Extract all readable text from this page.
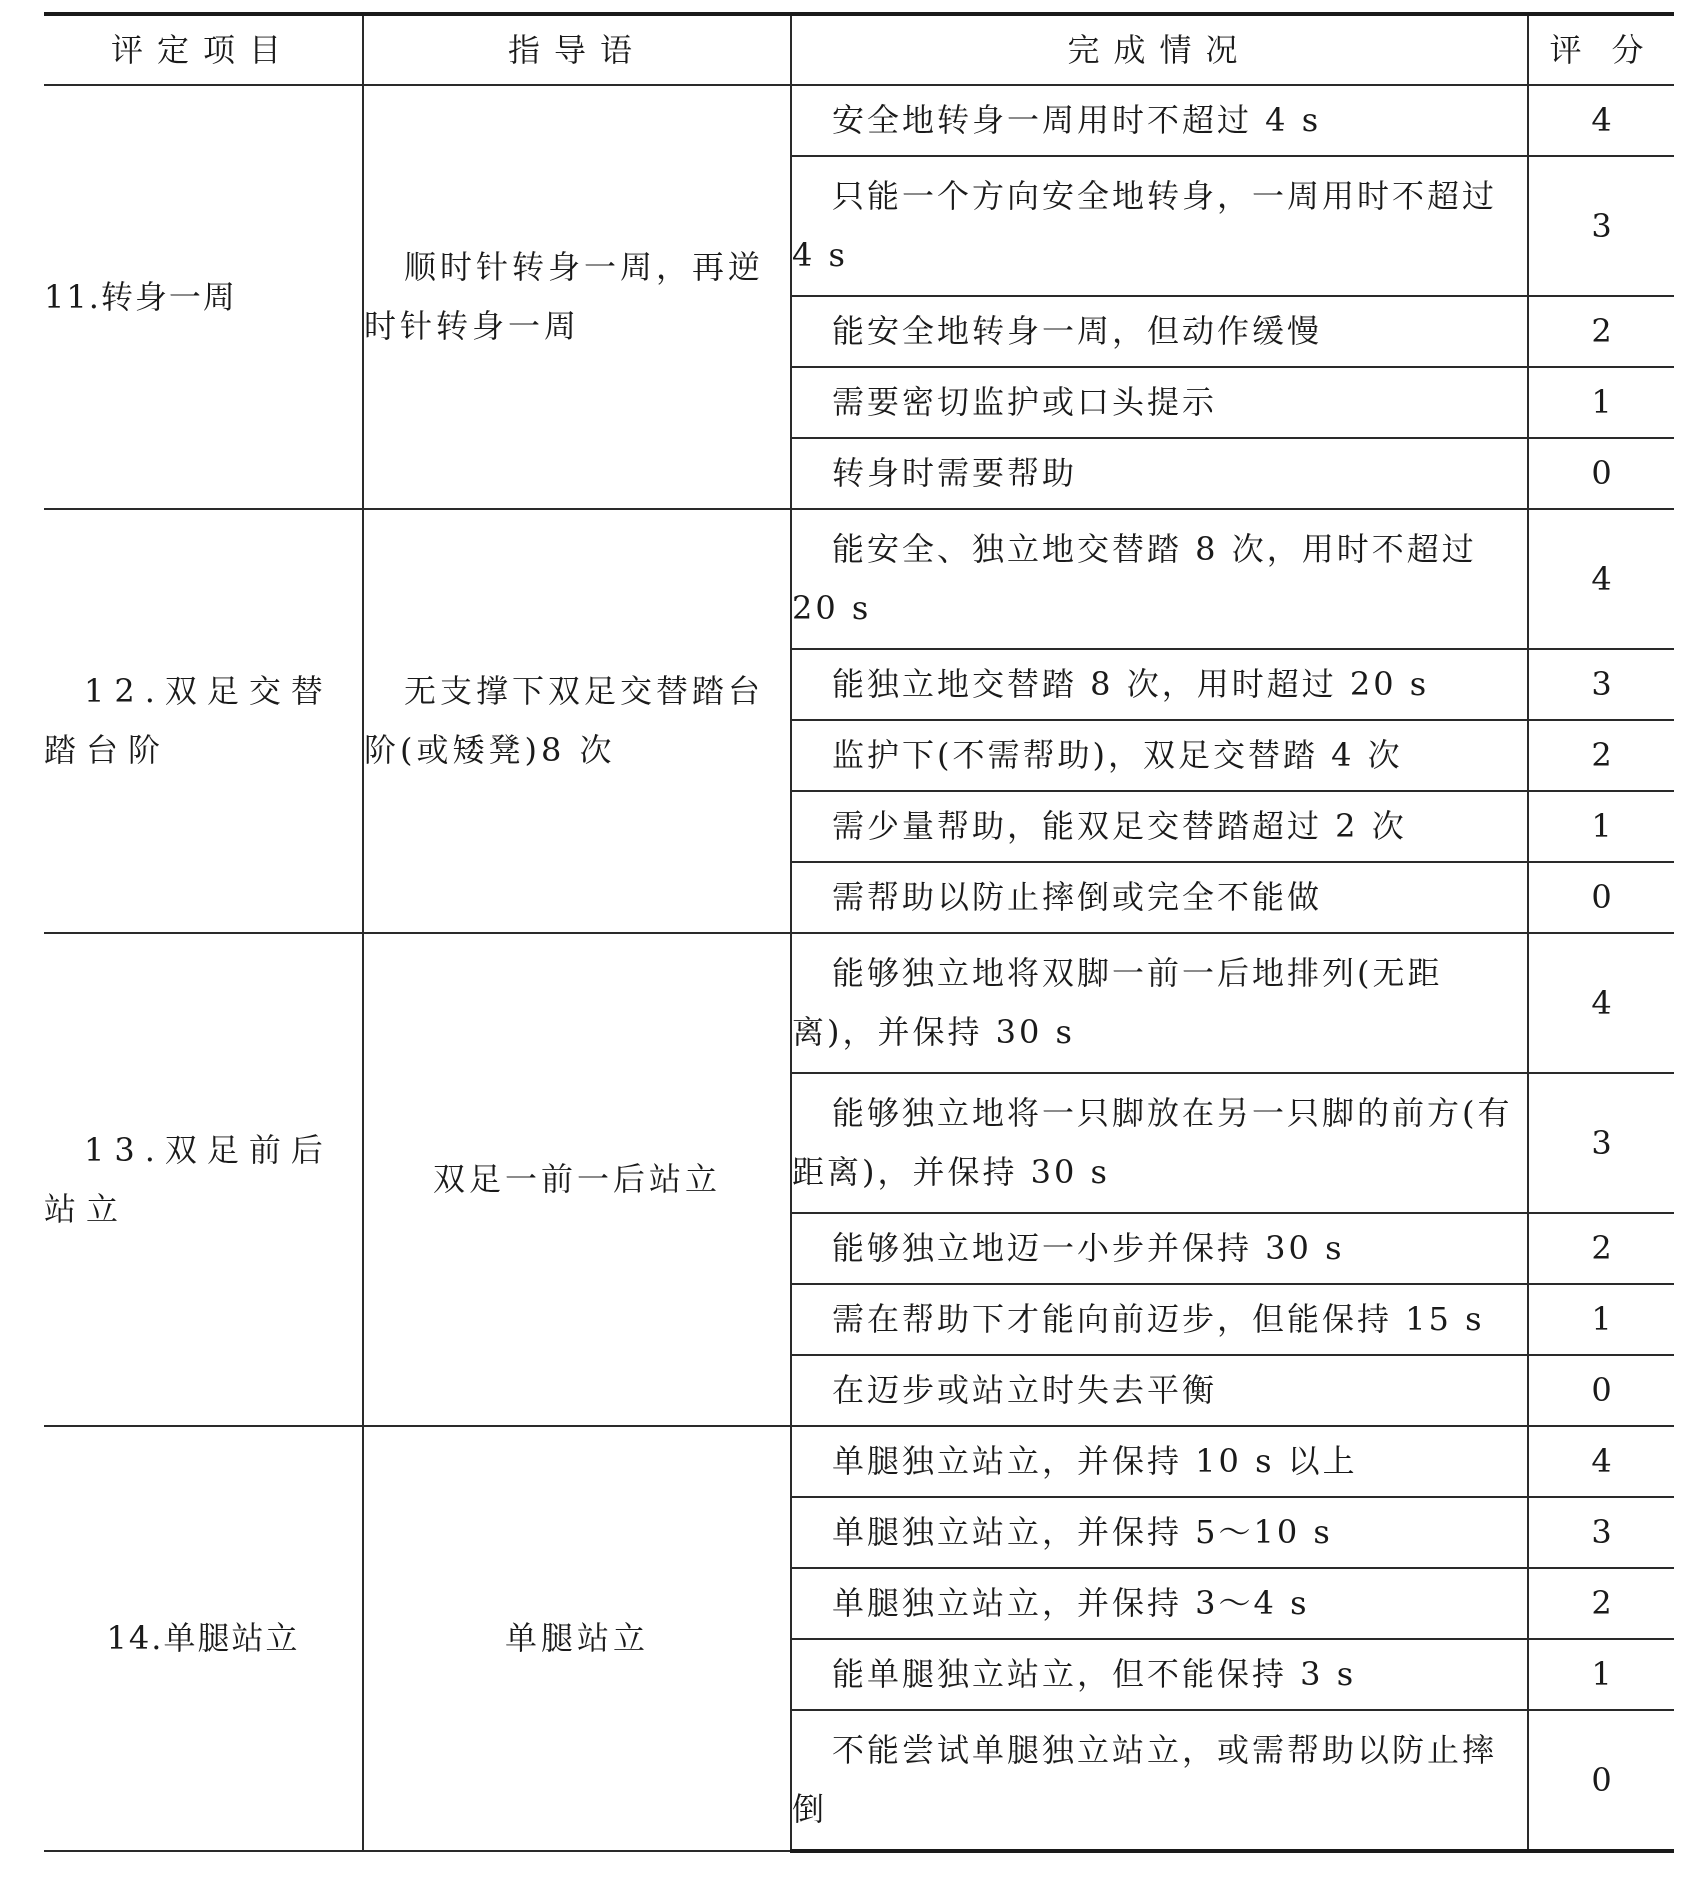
评定项目	指导语	完成情况	评分

11.转身一周	顺时针转身一周，再逆时针转身一周	安全地转身一周用时不超过 4 s	4

		只能一个方向安全地转身，一周用时不超过 4 s	3

		能安全地转身一周，但动作缓慢	2

		需要密切监护或口头提示	1

		转身时需要帮助	0

12.双足交替踏台阶	无支撑下双足交替踏台阶(或矮凳)8 次	能安全、独立地交替踏 8 次，用时不超过 20 s	4

		能独立地交替踏 8 次，用时超过 20 s	3

		监护下(不需帮助)，双足交替踏 4 次	2

		需少量帮助，能双足交替踏超过 2 次	1

		需帮助以防止摔倒或完全不能做	0

13.双足前后站立	双足一前一后站立	能够独立地将双脚一前一后地排列(无距离)，并保持 30 s	4

		能够独立地将一只脚放在另一只脚的前方(有距离)，并保持 30 s	3

		能够独立地迈一小步并保持 30 s	2

		需在帮助下才能向前迈步，但能保持 15 s	1

		在迈步或站立时失去平衡	0

14.单腿站立	单腿站立	单腿独立站立，并保持 10 s 以上	4

		单腿独立站立，并保持 5～10 s	3

		单腿独立站立，并保持 3～4 s	2

		能单腿独立站立，但不能保持 3 s	1

		不能尝试单腿独立站立，或需帮助以防止摔倒	0
